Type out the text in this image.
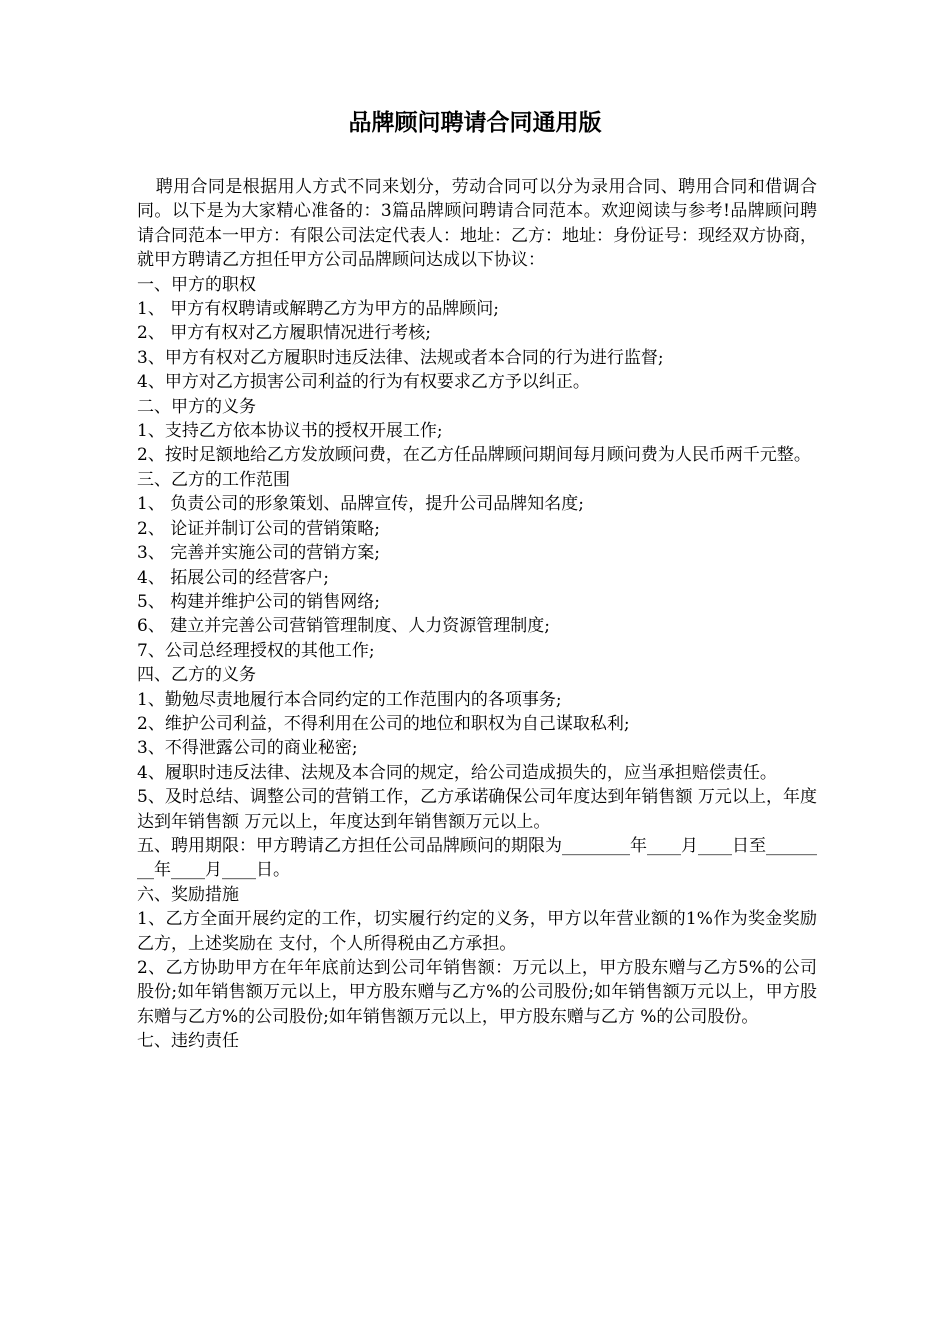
品牌顾问聘请合同通用版

聘用合同是根据用人方式不同来划分，劳动合同可以分为录用合同、聘用合同和借调合同。以下是为大家精心准备的：3篇品牌顾问聘请合同范本。欢迎阅读与参考!品牌顾问聘请合同范本一甲方：有限公司法定代表人：地址：乙方：地址：身份证号：现经双方协商，就甲方聘请乙方担任甲方公司品牌顾问达成以下协议：

一、甲方的职权

1、 甲方有权聘请或解聘乙方为甲方的品牌顾问;

2、 甲方有权对乙方履职情况进行考核;

3、甲方有权对乙方履职时违反法律、法规或者本合同的行为进行监督;

4、甲方对乙方损害公司利益的行为有权要求乙方予以纠正。

二、甲方的义务

1、支持乙方依本协议书的授权开展工作;

2、按时足额地给乙方发放顾问费，在乙方任品牌顾问期间每月顾问费为人民币两千元整。

三、乙方的工作范围

1、 负责公司的形象策划、品牌宣传，提升公司品牌知名度;

2、 论证并制订公司的营销策略;

3、 完善并实施公司的营销方案;

4、 拓展公司的经营客户;

5、 构建并维护公司的销售网络;

6、 建立并完善公司营销管理制度、人力资源管理制度;

7、公司总经理授权的其他工作;

四、乙方的义务

1、勤勉尽责地履行本合同约定的工作范围内的各项事务;

2、维护公司利益，不得利用在公司的地位和职权为自己谋取私利;

3、不得泄露公司的商业秘密;

4、履职时违反法律、法规及本合同的规定，给公司造成损失的，应当承担赔偿责任。

5、及时总结、调整公司的营销工作，乙方承诺确保公司年度达到年销售额 万元以上，年度达到年销售额 万元以上，年度达到年销售额万元以上。

五、聘用期限：甲方聘请乙方担任公司品牌顾问的期限为________年____月____日至________年____月____日。

六、奖励措施

1、乙方全面开展约定的工作，切实履行约定的义务，甲方以年营业额的1%作为奖金奖励乙方，上述奖励在 支付，个人所得税由乙方承担。

2、乙方协助甲方在年年底前达到公司年销售额：万元以上，甲方股东赠与乙方5%的公司股份;如年销售额万元以上，甲方股东赠与乙方%的公司股份;如年销售额万元以上，甲方股东赠与乙方%的公司股份;如年销售额万元以上，甲方股东赠与乙方 %的公司股份。

七、违约责任
